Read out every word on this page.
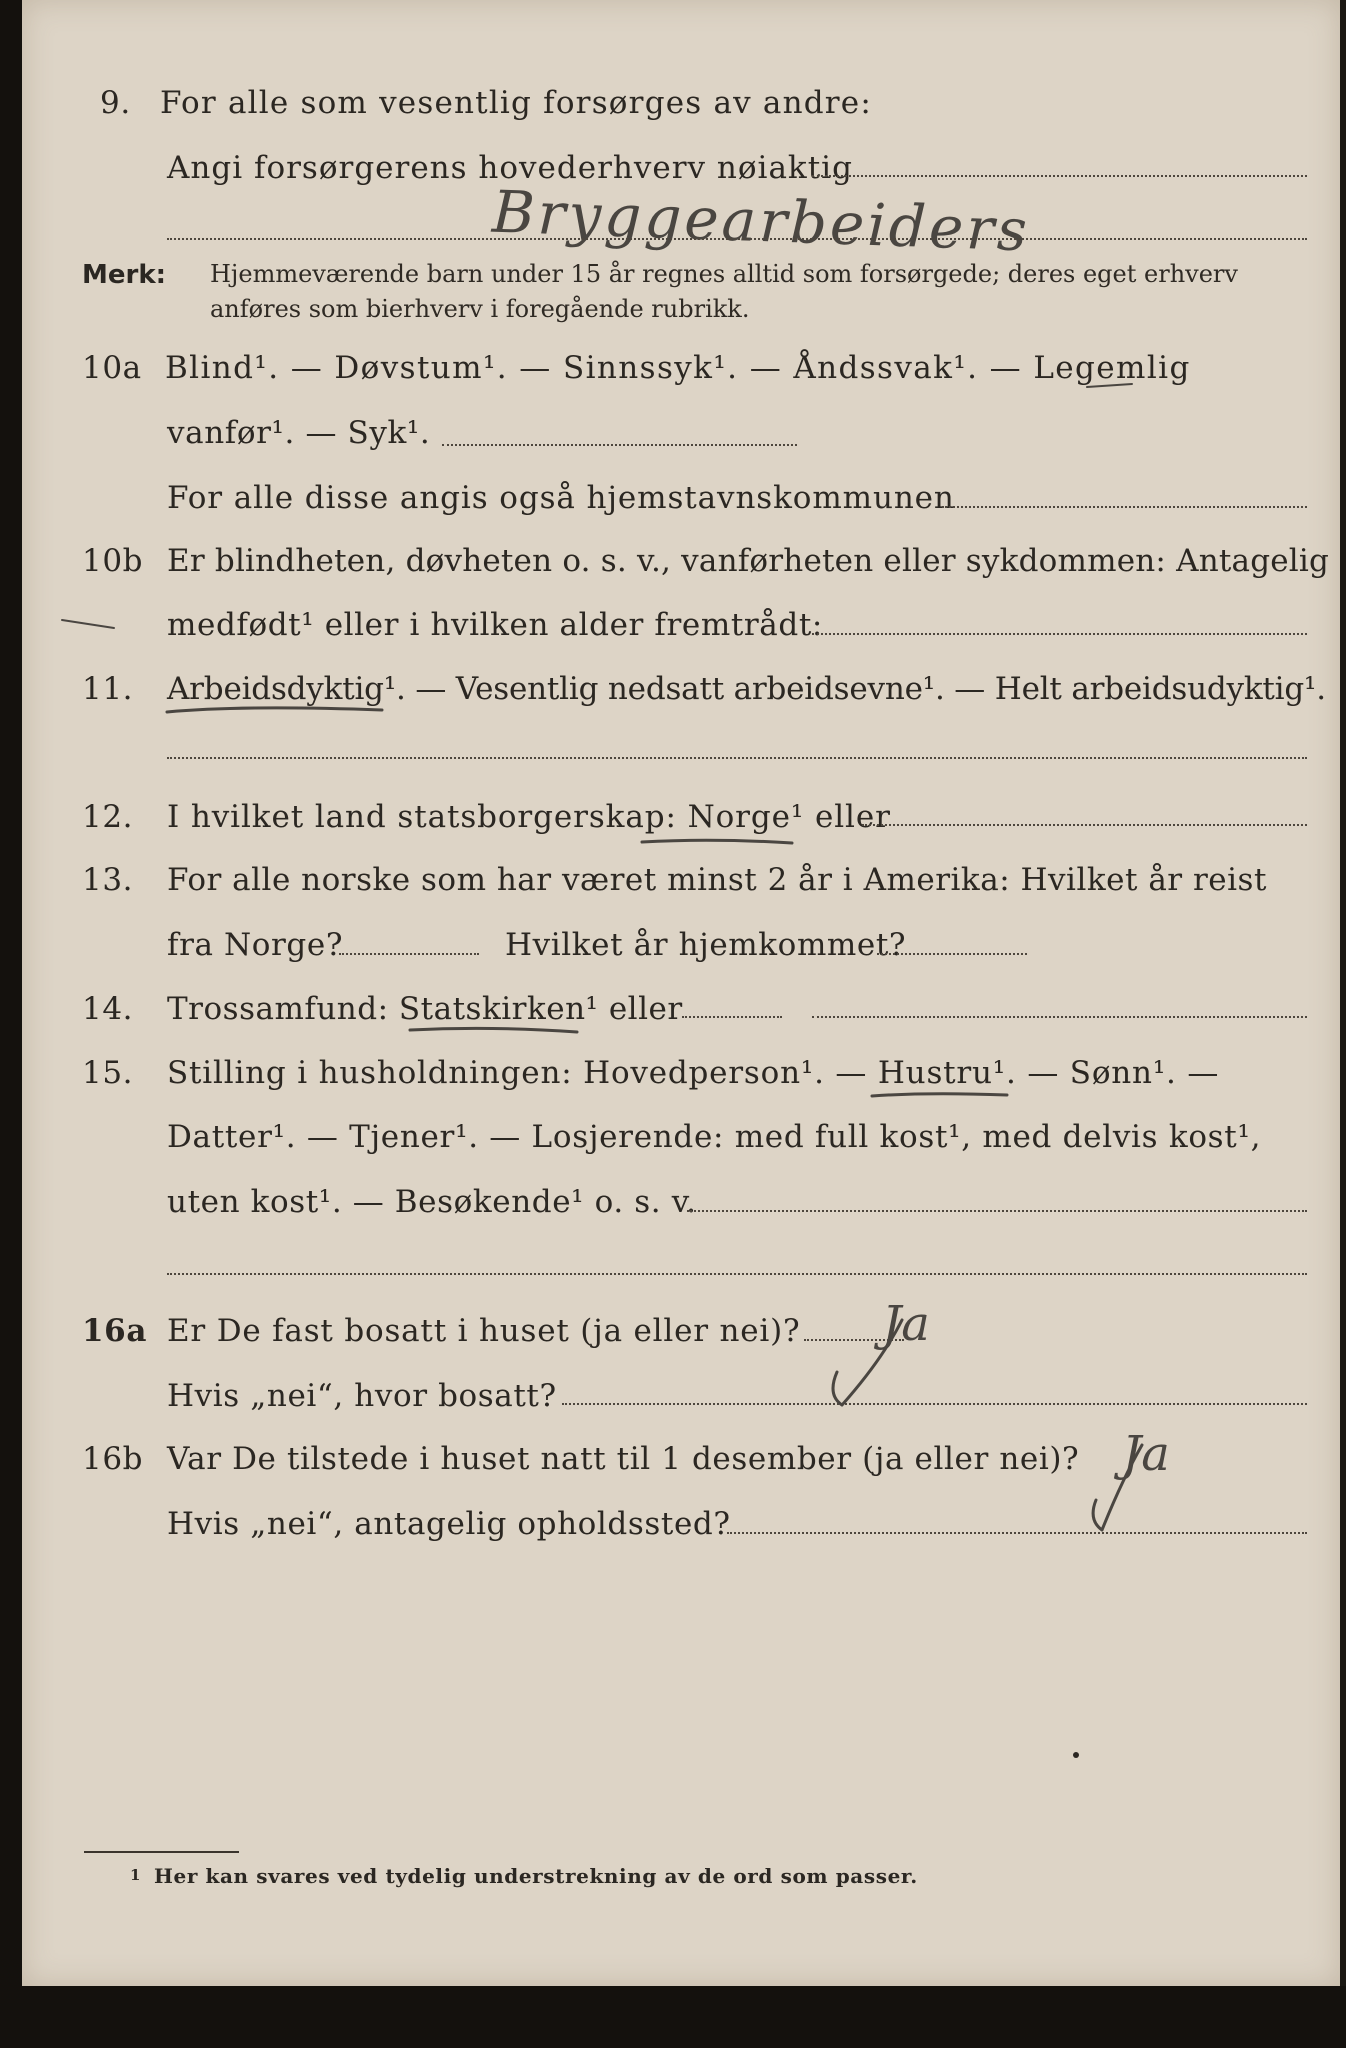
9. For alle som vesentlig forsørges av andre:
Angi forsørgerens hovederhverv nøiaktig
Bryggearbeiders
Merk: Hjemmeværende barn under 15 år regnes alltid som forsørgede; deres eget erhverv
anføres som bierhverv i foregående rubrikk.
10a Blind¹. — Døvstum¹. — Sinnssyk¹. — Åndssvak¹. — Legemlig
vanfør¹. — Syk¹.
For alle disse angis også hjemstavnskommunen
10b Er blindheten, døvheten o. s. v., vanførheten eller sykdommen: Antagelig
medfødt¹ eller i hvilken alder fremtrådt:
11. Arbeidsdyktig¹. — Vesentlig nedsatt arbeidsevne¹. — Helt arbeidsudyktig¹.
12. I hvilket land statsborgerskap: Norge¹ eller
13. For alle norske som har været minst 2 år i Amerika: Hvilket år reist
fra Norge?	Hvilket år hjemkommet?
14. Trossamfund: Statskirken¹ eller
15. Stilling i husholdningen: Hovedperson¹. — Hustru¹. — Sønn¹. —
Datter¹. — Tjener¹. — Losjerende: med full kost¹, med delvis kost¹,
uten kost¹. — Besøkende¹ o. s. v.
16a Er De fast bosatt i huset (ja eller nei)? Ja
Hvis „nei“, hvor bosatt?
16b Var De tilstede i huset natt til 1 desember (ja eller nei)? Ja
Hvis „nei“, antagelig opholdssted?
1 Her kan svares ved tydelig understrekning av de ord som passer.
